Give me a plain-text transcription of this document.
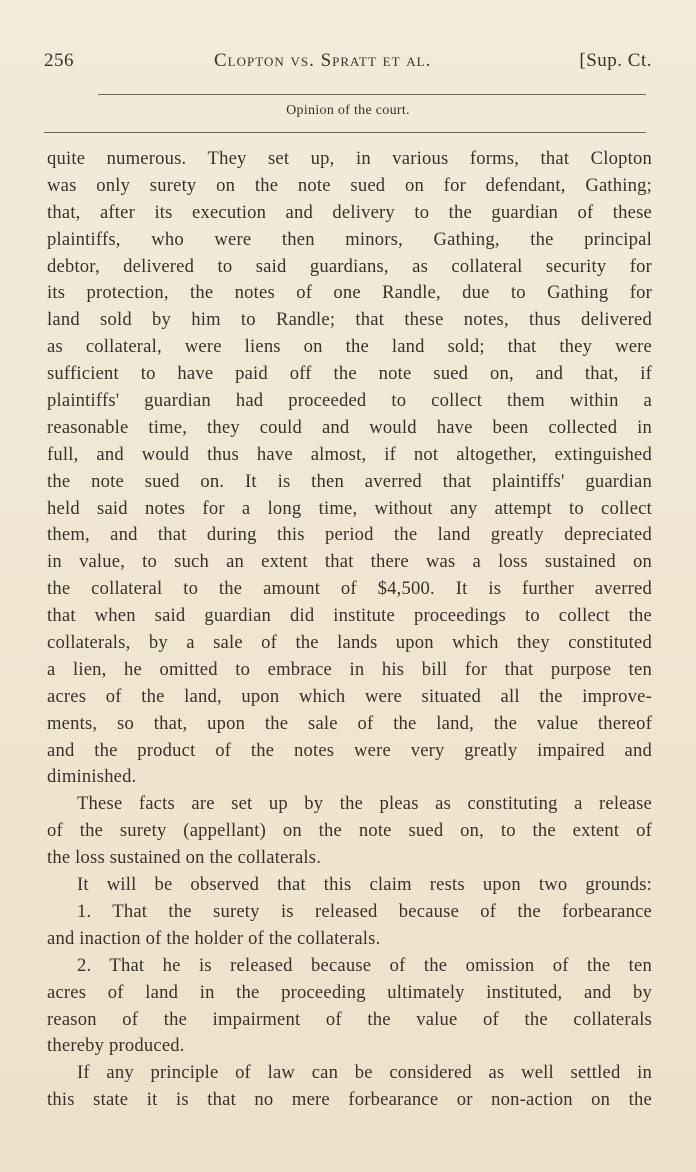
256	Clopton vs. Spratt et al.	[Sup. Ct.
Opinion of the court.
quite numerous. They set up, in various forms, that Clopton
was only surety on the note sued on for defendant, Gathing;
that, after its execution and delivery to the guardian of these
plaintiffs, who were then minors, Gathing, the principal
debtor, delivered to said guardians, as collateral security for
its protection, the notes of one Randle, due to Gathing for
land sold by him to Randle; that these notes, thus delivered
as collateral, were liens on the land sold; that they were
sufficient to have paid off the note sued on, and that, if
plaintiffs' guardian had proceeded to collect them within a
reasonable time, they could and would have been collected in
full, and would thus have almost, if not altogether, extinguished
the note sued on. It is then averred that plaintiffs' guardian
held said notes for a long time, without any attempt to collect
them, and that during this period the land greatly depreciated
in value, to such an extent that there was a loss sustained on
the collateral to the amount of $4,500. It is further averred
that when said guardian did institute proceedings to collect the
collaterals, by a sale of the lands upon which they constituted
a lien, he omitted to embrace in his bill for that purpose ten
acres of the land, upon which were situated all the improve-
ments, so that, upon the sale of the land, the value thereof
and the product of the notes were very greatly impaired and
diminished.
These facts are set up by the pleas as constituting a release
of the surety (appellant) on the note sued on, to the extent of
the loss sustained on the collaterals.
It will be observed that this claim rests upon two grounds:
1. That the surety is released because of the forbearance
and inaction of the holder of the collaterals.
2. That he is released because of the omission of the ten
acres of land in the proceeding ultimately instituted, and by
reason of the impairment of the value of the collaterals
thereby produced.
If any principle of law can be considered as well settled in
this state it is that no mere forbearance or non-action on the
